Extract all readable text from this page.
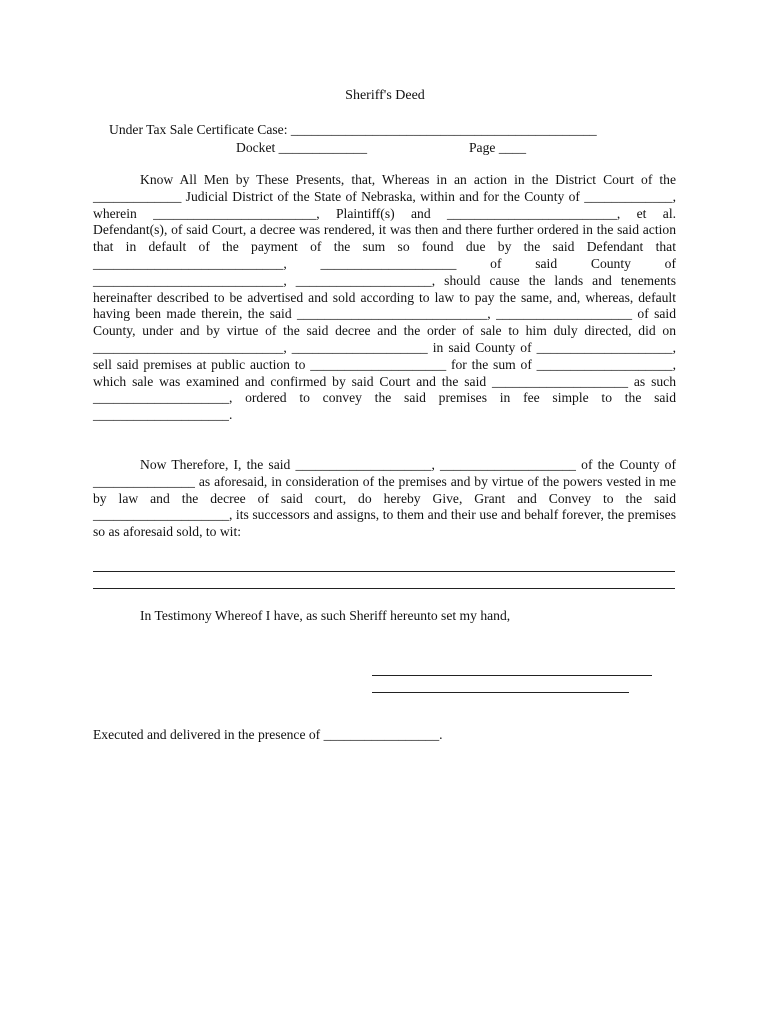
Sheriff's Deed
Under Tax Sale Certificate Case: _____________________________________________
Docket _____________	Page ____

Know All Men by These Presents, that, Whereas in an action in the District Court of the _____________ Judicial District of the State of Nebraska, within and for the County of _____________, wherein ________________________, Plaintiff(s) and _________________________, et al. Defendant(s), of said Court, a decree was rendered, it was then and there further ordered in the said action that in default of the payment of the sum so found due by the said Defendant that ____________________________, ____________________ of said County of ____________________________, ____________________, should cause the lands and tenements hereinafter described to be advertised and sold according to law to pay the same, and, whereas, default having been made therein, the said ____________________________, ____________________ of said County, under and by virtue of the said decree and the order of sale to him duly directed, did on ____________________________, ____________________ in said County of ____________________, sell said premises at public auction to ____________________ for the sum of ____________________, which sale was examined and confirmed by said Court and the said ____________________ as such ____________________, ordered to convey the said premises in fee simple to the said ____________________.

Now Therefore, I, the said ____________________, ____________________ of the County of _______________ as aforesaid, in consideration of the premises and by virtue of the powers vested in me by law and the decree of said court, do hereby Give, Grant and Convey to the said ____________________, its successors and assigns, to them and their use and behalf forever, the premises so as aforesaid sold, to wit:

In Testimony Whereof I have, as such Sheriff hereunto set my hand,
Executed and delivered in the presence of _________________.
